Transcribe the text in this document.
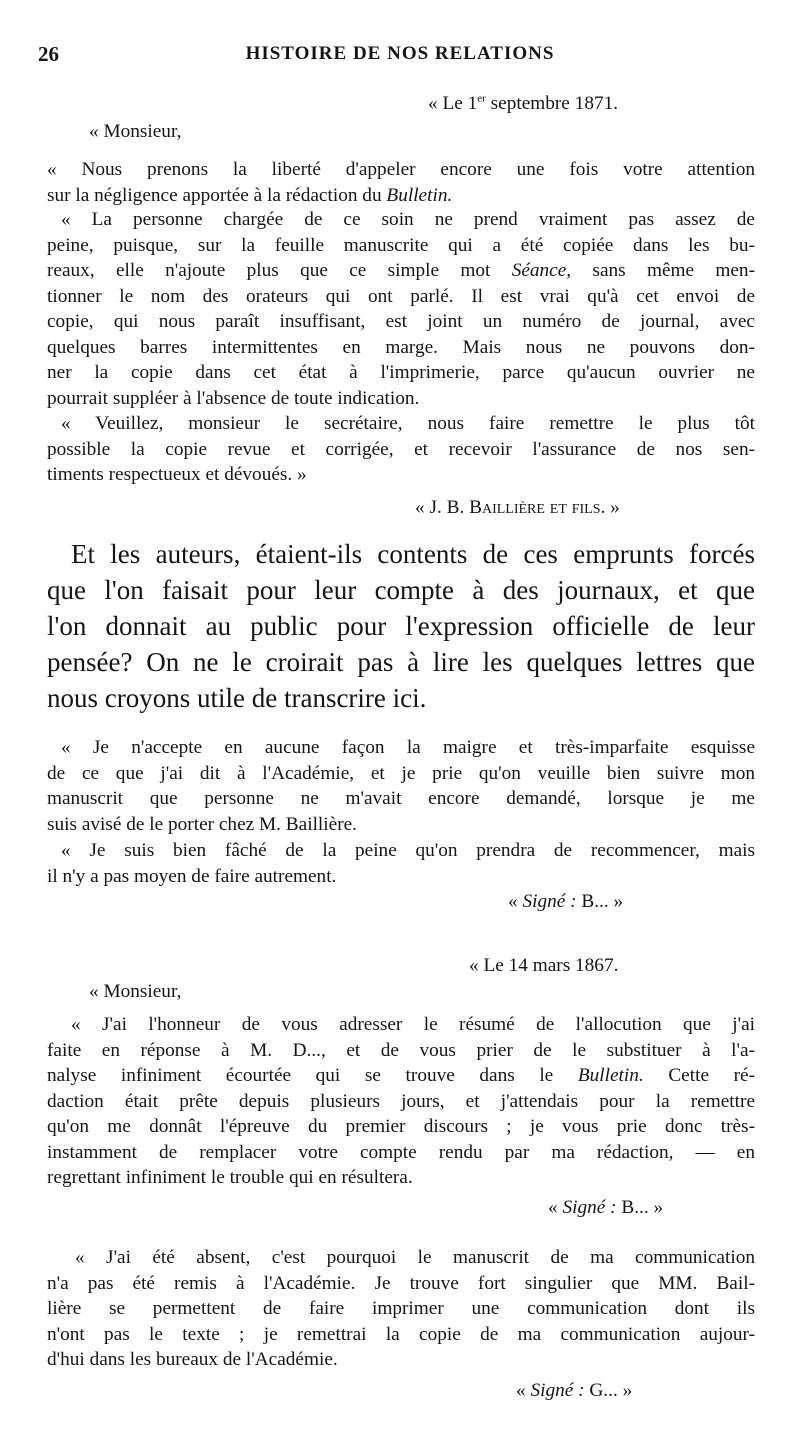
26	HISTOIRE DE NOS RELATIONS
« Le 1er septembre 1871.
« Monsieur,
« Nous prenons la liberté d'appeler encore une fois votre attention
sur la négligence apportée à la rédaction du Bulletin.
« La personne chargée de ce soin ne prend vraiment pas assez de
peine, puisque, sur la feuille manuscrite qui a été copiée dans les bu-
reaux, elle n'ajoute plus que ce simple mot Séance, sans même men-
tionner le nom des orateurs qui ont parlé. Il est vrai qu'à cet envoi de
copie, qui nous paraît insuffisant, est joint un numéro de journal, avec
quelques barres intermittentes en marge. Mais nous ne pouvons don-
ner la copie dans cet état à l'imprimerie, parce qu'aucun ouvrier ne
pourrait suppléer à l'absence de toute indication.
« Veuillez, monsieur le secrétaire, nous faire remettre le plus tôt
possible la copie revue et corrigée, et recevoir l'assurance de nos sen-
timents respectueux et dévoués. »
« J. B. Baillière et fils. »
Et les auteurs, étaient-ils contents de ces emprunts forcés
que l'on faisait pour leur compte à des journaux, et que
l'on donnait au public pour l'expression officielle de leur
pensée? On ne le croirait pas à lire les quelques lettres que
nous croyons utile de transcrire ici.
« Je n'accepte en aucune façon la maigre et très-imparfaite esquisse
de ce que j'ai dit à l'Académie, et je prie qu'on veuille bien suivre mon
manuscrit que personne ne m'avait encore demandé, lorsque je me
suis avisé de le porter chez M. Baillière.
« Je suis bien fâché de la peine qu'on prendra de recommencer, mais
il n'y a pas moyen de faire autrement.
« Signé : B... »
« Le 14 mars 1867.
« Monsieur,
« J'ai l'honneur de vous adresser le résumé de l'allocution que j'ai
faite en réponse à M. D..., et de vous prier de le substituer à l'a-
nalyse infiniment écourtée qui se trouve dans le Bulletin. Cette ré-
daction était prête depuis plusieurs jours, et j'attendais pour la remettre
qu'on me donnât l'épreuve du premier discours ; je vous prie donc très-
instamment de remplacer votre compte rendu par ma rédaction, — en
regrettant infiniment le trouble qui en résultera.
« Signé : B... »
« J'ai été absent, c'est pourquoi le manuscrit de ma communication
n'a pas été remis à l'Académie. Je trouve fort singulier que MM. Bail-
lière se permettent de faire imprimer une communication dont ils
n'ont pas le texte ; je remettrai la copie de ma communication aujour-
d'hui dans les bureaux de l'Académie.
« Signé : G... »
